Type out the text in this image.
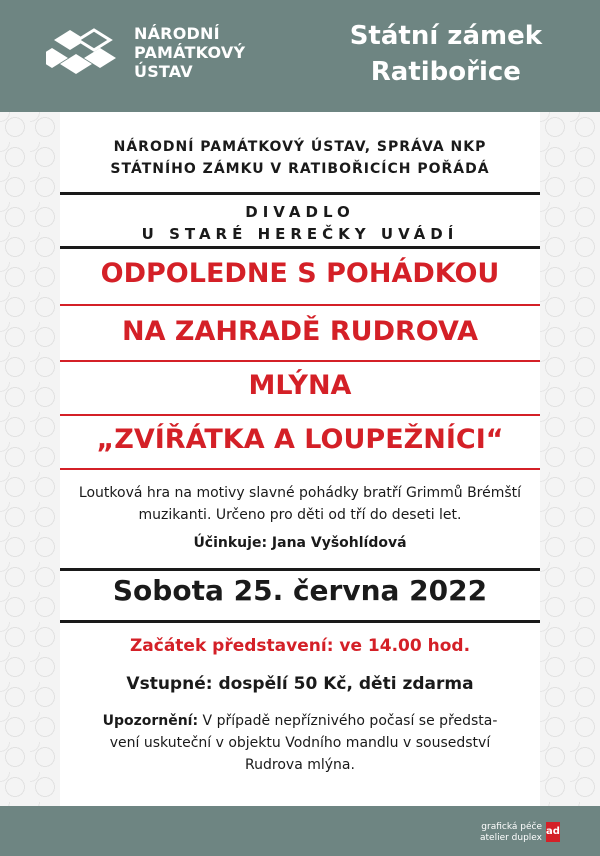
NÁRODNÍ
PAMÁTKOVÝ
ÚSTAV
Státní zámek
Ratibořice
NÁRODNÍ PAMÁTKOVÝ ÚSTAV, SPRÁVA NKP
STÁTNÍHO ZÁMKU V RATIBOŘICÍCH POŘÁDÁ
DIVADLO
U STARÉ HEREČKY UVÁDÍ
ODPOLEDNE S POHÁDKOU
NA ZAHRADĚ RUDROVA
MLÝNA
„ZVÍŘÁTKA A LOUPEŽNÍCI“
Loutková hra na motivy slavné pohádky bratří Grimmů Brémští
muzikanti. Určeno pro děti od tří do deseti let.
Účinkuje: Jana Vyšohlídová
Sobota 25. června 2022
Začátek představení: ve 14.00 hod.
Vstupné: dospělí 50 Kč, děti zdarma
Upozornění: V případě nepříznivého počasí se předsta-
vení uskuteční v objektu Vodního mandlu v sousedství
Rudrova mlýna.
grafická péče
atelier duplex
ad
